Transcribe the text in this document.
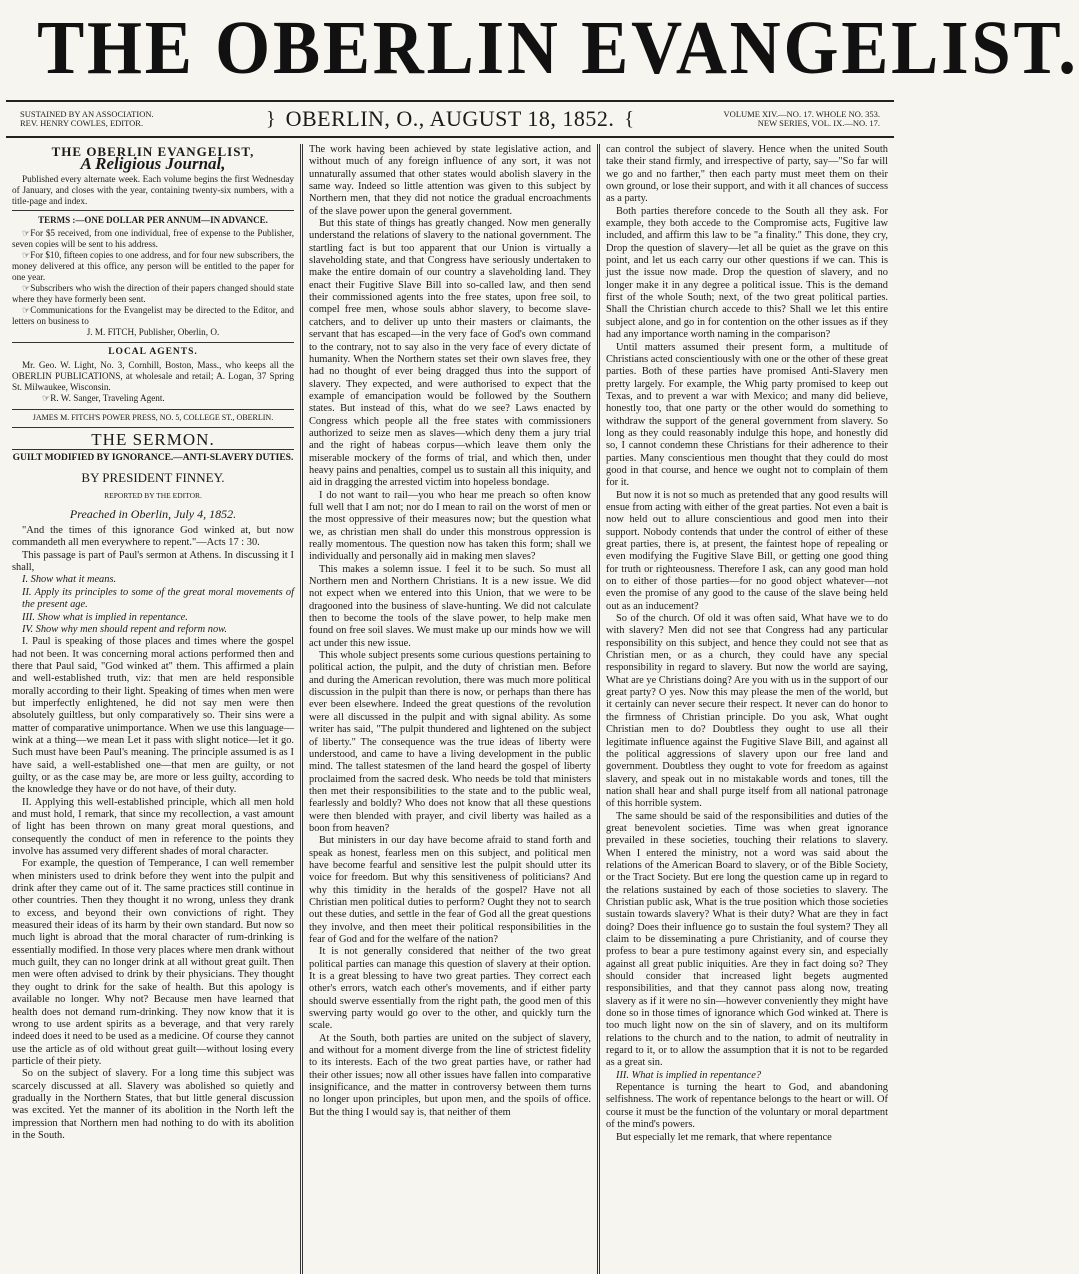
THE OBERLIN EVANGELIST.
SUSTAINED BY AN ASSOCIATION.
REV. HENRY COWLES, EDITOR.	} OBERLIN, O., AUGUST 18, 1852. {	VOLUME XIV.—NO. 17. WHOLE NO. 353.
NEW SERIES, VOL. IX.—NO. 17.
THE OBERLIN EVANGELIST,
A Religious Journal,

Published every alternate week. Each volume begins the first Wednesday of January, and closes with the year, containing twenty-six numbers, with a title-page and index.

TERMS :—ONE DOLLAR PER ANNUM—IN ADVANCE.

☞For $5 received, from one individual, free of expense to the Publisher, seven copies will be sent to his address.

☞For $10, fifteen copies to one address, and for four new subscribers, the money delivered at this office, any person will be entitled to the paper for one year.

☞Subscribers who wish the direction of their papers changed should state where they have formerly been sent.

☞Communications for the Evangelist may be directed to the Editor, and letters on business to

J. M. FITCH, Publisher, Oberlin, O.

LOCAL AGENTS.

Mr. Geo. W. Light, No. 3, Cornhill, Boston, Mass., who keeps all the OBERLIN PUBLICATIONS, at wholesale and retail; A. Logan, 37 Spring St. Milwaukee, Wisconsin.

☞R. W. Sanger, Traveling Agent.

JAMES M. FITCH'S POWER PRESS, NO. 5, COLLEGE ST., OBERLIN.
THE SERMON.
GUILT MODIFIED BY IGNORANCE.—ANTI-SLAVERY DUTIES.
BY PRESIDENT FINNEY.
REPORTED BY THE EDITOR.
Preached in Oberlin, July 4, 1852.

"And the times of this ignorance God winked at, but now commandeth all men everywhere to repent."—Acts 17 : 30.

This passage is part of Paul's sermon at Athens. In discussing it I shall,

I. Show what it means.

II. Apply its principles to some of the great moral movements of the present age.

III. Show what is implied in repentance.

IV. Show why men should repent and reform now.

I. Paul is speaking of those places and times where the gospel had not been. It was concerning moral actions performed then and there that Paul said, "God winked at" them. This affirmed a plain and well-established truth, viz: that men are held responsible morally according to their light. Speaking of times when men were but imperfectly enlightened, he did not say men were then absolutely guiltless, but only comparatively so. Their sins were a matter of comparative unimportance. When we use this language—wink at a thing—we mean Let it pass with slight notice—let it go. Such must have been Paul's meaning. The principle assumed is as I have said, a well-established one—that men are guilty, or not guilty, or as the case may be, are more or less guilty, according to the knowledge they have or do not have, of their duty.

II. Applying this well-established principle, which all men hold and must hold, I remark, that since my recollection, a vast amount of light has been thrown on many great moral questions, and consequently the conduct of men in reference to the points they involve has assumed very different shades of moral character.

For example, the question of Temperance, I can well remember when ministers used to drink before they went into the pulpit and drink after they came out of it. The same practices still continue in other countries. Then they thought it no wrong, unless they drank to excess, and beyond their own convictions of right. They measured their ideas of its harm by their own standard. But now so much light is abroad that the moral character of rum-drinking is essentially modified. In those very places where men drank without much guilt, they can no longer drink at all without great guilt. Then men were often advised to drink by their physicians. They thought they ought to drink for the sake of health. But this apology is available no longer. Why not? Because men have learned that health does not demand rum-drinking. They now know that it is wrong to use ardent spirits as a beverage, and that very rarely indeed does it need to be used as a medicine. Of course they cannot use the article as of old without great guilt—without losing every particle of their piety.

So on the subject of slavery. For a long time this subject was scarcely discussed at all. Slavery was abolished so quietly and gradually in the Northern States, that but little general discussion was excited. Yet the manner of its abolition in the North left the impression that Northern men had nothing to do with its abolition in the South.

The work having been achieved by state legislative action, and without much of any foreign influence of any sort, it was not unnaturally assumed that other states would abolish slavery in the same way. Indeed so little attention was given to this subject by Northern men, that they did not notice the gradual encroachments of the slave power upon the general government.

But this state of things has greatly changed. Now men generally understand the relations of slavery to the national government. The startling fact is but too apparent that our Union is virtually a slaveholding state, and that Congress have seriously undertaken to make the entire domain of our country a slaveholding land. They enact their Fugitive Slave Bill into so-called law, and then send their commissioned agents into the free states, upon free soil, to compel free men, whose souls abhor slavery, to become slave-catchers, and to deliver up unto their masters or claimants, the servant that has escaped—in the very face of God's own command to the contrary, not to say also in the very face of every dictate of humanity. When the Northern states set their own slaves free, they had no thought of ever being dragged thus into the support of slavery. They expected, and were authorised to expect that the example of emancipation would be followed by the Southern states. But instead of this, what do we see? Laws enacted by Congress which people all the free states with commissioners authorized to seize men as slaves—which deny them a jury trial and the right of habeas corpus—which leave them only the miserable mockery of the forms of trial, and which then, under heavy pains and penalties, compel us to sustain all this iniquity, and aid in dragging the arrested victim into hopeless bondage.

I do not want to rail—you who hear me preach so often know full well that I am not; nor do I mean to rail on the worst of men or the most oppressive of their measures now; but the question what we, as christian men shall do under this monstrous oppression is really momentous. The question now has taken this form; shall we individually and personally aid in making men slaves?

This makes a solemn issue. I feel it to be such. So must all Northern men and Northern Christians. It is a new issue. We did not expect when we entered into this Union, that we were to be dragooned into the business of slave-hunting. We did not calculate then to become the tools of the slave power, to help make men found on free soil slaves. We must make up our minds how we will act under this new issue.

This whole subject presents some curious questions pertaining to political action, the pulpit, and the duty of christian men. Before and during the American revolution, there was much more political discussion in the pulpit than there is now, or perhaps than there has ever been elsewhere. Indeed the great questions of the revolution were all discussed in the pulpit and with signal ability. As some writer has said, "The pulpit thundered and lightened on the subject of liberty." The consequence was the true ideas of liberty were understood, and came to have a living development in the public mind. The tallest statesmen of the land heard the gospel of liberty proclaimed from the sacred desk. Who needs be told that ministers then met their responsibilities to the state and to the public weal, fearlessly and boldly? Who does not know that all these questions were then blended with prayer, and civil liberty was hailed as a boon from heaven?

But ministers in our day have become afraid to stand forth and speak as honest, fearless men on this subject, and political men have become fearful and sensitive lest the pulpit should utter its voice for freedom. But why this sensitiveness of politicians? And why this timidity in the heralds of the gospel? Have not all Christian men political duties to perform? Ought they not to search out these duties, and settle in the fear of God all the great questions they involve, and then meet their political responsibilities in the fear of God and for the welfare of the nation?

It is not generally considered that neither of the two great political parties can manage this question of slavery at their option. It is a great blessing to have two great parties. They correct each other's errors, watch each other's movements, and if either party should swerve essentially from the right path, the good men of this swerving party would go over to the other, and quickly turn the scale.

At the South, both parties are united on the subject of slavery, and without for a moment diverge from the line of strictest fidelity to its interests. Each of the two great parties have, or rather had their other issues; now all other issues have fallen into comparative insignificance, and the matter in controversy between them turns no longer upon principles, but upon men, and the spoils of office. But the thing I would say is, that neither of them

can control the subject of slavery. Hence when the united South take their stand firmly, and irrespective of party, say—"So far will we go and no farther," then each party must meet them on their own ground, or lose their support, and with it all chances of success as a party.

Both parties therefore concede to the South all they ask. For example, they both accede to the Compromise acts, Fugitive law included, and affirm this law to be "a finality." This done, they cry, Drop the question of slavery—let all be quiet as the grave on this point, and let us each carry our other questions if we can. This is just the issue now made. Drop the question of slavery, and no longer make it in any degree a political issue. This is the demand first of the whole South; next, of the two great political parties. Shall the Christian church accede to this? Shall we let this entire subject alone, and go in for contention on the other issues as if they had any importance worth naming in the comparison?

Until matters assumed their present form, a multitude of Christians acted conscientiously with one or the other of these great parties. Both of these parties have promised Anti-Slavery men pretty largely. For example, the Whig party promised to keep out Texas, and to prevent a war with Mexico; and many did believe, honestly too, that one party or the other would do something to withdraw the support of the general government from slavery. So long as they could reasonably indulge this hope, and honestly did so, I cannot condemn these Christians for their adherence to their parties. Many conscientious men thought that they could do most good in that course, and hence we ought not to complain of them for it.

But now it is not so much as pretended that any good results will ensue from acting with either of the great parties. Not even a bait is now held out to allure conscientious and good men into their support. Nobody contends that under the control of either of these great parties, there is, at present, the faintest hope of repealing or even modifying the Fugitive Slave Bill, or getting one good thing for truth or righteousness. Therefore I ask, can any good man hold on to either of those parties—for no good object whatever—not even the promise of any good to the cause of the slave being held out as an inducement?

So of the church. Of old it was often said, What have we to do with slavery? Men did not see that Congress had any particular responsibility on this subject, and hence they could not see that as Christian men, or as a church, they could have any special responsibility in regard to slavery. But now the world are saying, What are ye Christians doing? Are you with us in the support of our great party? O yes. Now this may please the men of the world, but it certainly can never secure their respect. It never can do honor to the firmness of Christian principle. Do you ask, What ought Christian men to do? Doubtless they ought to use all their legitimate influence against the Fugitive Slave Bill, and against all the political aggressions of slavery upon our free land and government. Doubtless they ought to vote for freedom as against slavery, and speak out in no mistakable words and tones, till the nation shall hear and shall purge itself from all national patronage of this horrible system.

The same should be said of the responsibilities and duties of the great benevolent societies. Time was when great ignorance prevailed in these societies, touching their relations to slavery. When I entered the ministry, not a word was said about the relations of the American Board to slavery, or of the Bible Society, or the Tract Society. But ere long the question came up in regard to the relations sustained by each of those societies to slavery. The Christian public ask, What is the true position which those societies sustain towards slavery? What is their duty? What are they in fact doing? Does their influence go to sustain the foul system? They all claim to be disseminating a pure Christianity, and of course they profess to bear a pure testimony against every sin, and especially against all great public iniquities. Are they in fact doing so? They should consider that increased light begets augmented responsibilities, and that they cannot pass along now, treating slavery as if it were no sin—however conveniently they might have done so in those times of ignorance which God winked at. There is too much light now on the sin of slavery, and on its multiform relations to the church and to the nation, to admit of neutrality in regard to it, or to allow the assumption that it is not to be regarded as a great sin.

III. What is implied in repentance?

Repentance is turning the heart to God, and abandoning selfishness. The work of repentance belongs to the heart or will. Of course it must be the function of the voluntary or moral department of the mind's powers.

But especially let me remark, that where repentance
